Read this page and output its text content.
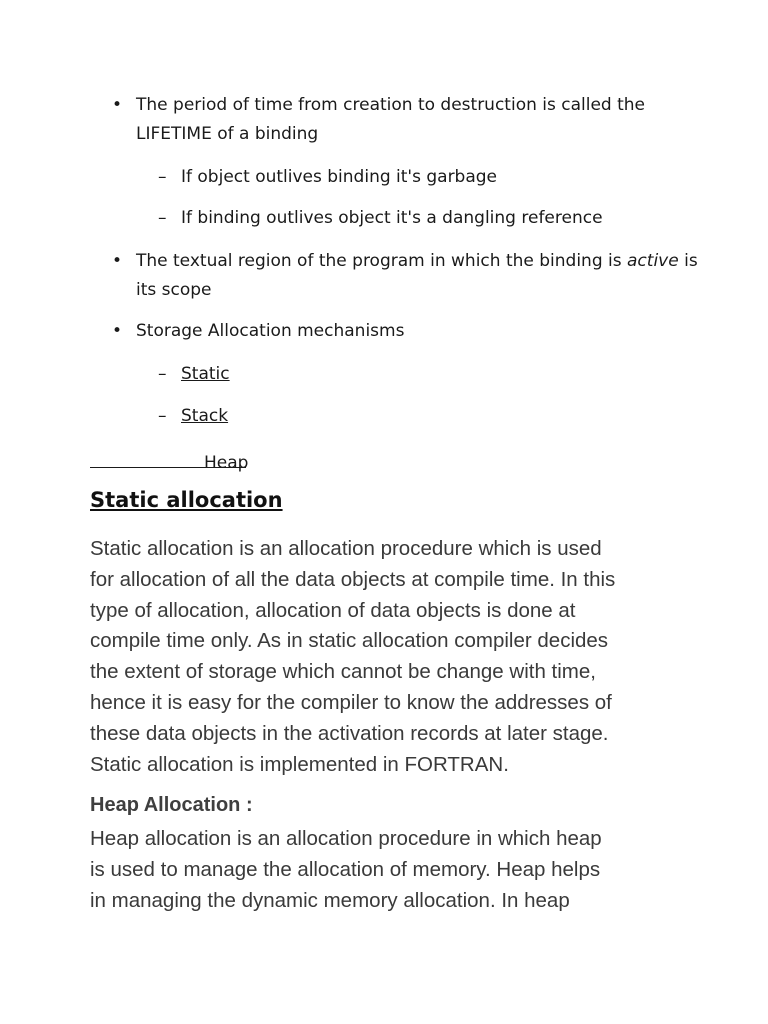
• The period of time from creation to destruction is called the
LIFETIME of a binding
– If object outlives binding it's garbage
– If binding outlives object it's a dangling reference
• The textual region of the program in which the binding is active is
its scope
• Storage Allocation mechanisms
– Static
– Stack
Heap
Static allocation
Static allocation is an allocation procedure which is used
for allocation of all the data objects at compile time. In this
type of allocation, allocation of data objects is done at
compile time only. As in static allocation compiler decides
the extent of storage which cannot be change with time,
hence it is easy for the compiler to know the addresses of
these data objects in the activation records at later stage.
Static allocation is implemented in FORTRAN.
Heap Allocation :
Heap allocation is an allocation procedure in which heap
is used to manage the allocation of memory. Heap helps
in managing the dynamic memory allocation. In heap
